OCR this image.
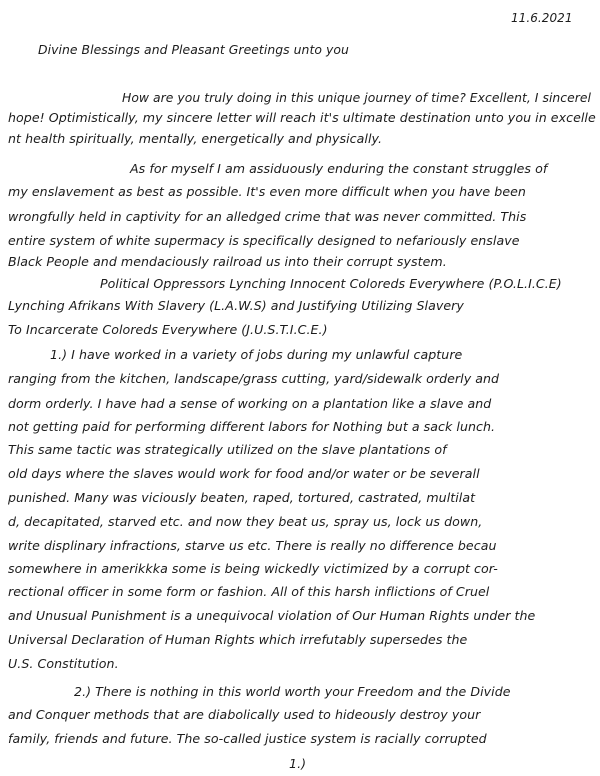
11.6.2021
Divine Blessings and Pleasant Greetings unto you
How are you truly doing in this unique journey of time? Excellent, I sincerel
hope! Optimistically, my sincere letter will reach it's ultimate destination unto you in excelle
nt health spiritually, mentally, energetically and physically.
As for myself I am assiduously enduring the constant struggles of
my enslavement as best as possible. It's even more difficult when you have been
wrongfully held in captivity for an alledged crime that was never committed. This
entire system of white supermacy is specifically designed to nefariously enslave
Black People and mendaciously railroad us into their corrupt system.
Political Oppressors Lynching Innocent Coloreds Everywhere (P.O.L.I.C.E)
Lynching Afrikans With Slavery (L.A.W.S) and Justifying Utilizing Slavery
To Incarcerate Coloreds Everywhere (J.U.S.T.I.C.E.)
1.) I have worked in a variety of jobs during my unlawful capture
ranging from the kitchen, landscape/grass cutting, yard/sidewalk orderly and
dorm orderly. I have had a sense of working on a plantation like a slave and
not getting paid for performing different labors for Nothing but a sack lunch.
This same tactic was strategically utilized on the slave plantations of
old days where the slaves would work for food and/or water or be severall
punished. Many was viciously beaten, raped, tortured, castrated, multilat
d, decapitated, starved etc. and now they beat us, spray us, lock us down,
write displinary infractions, starve us etc. There is really no difference becau
somewhere in amerikkka some is being wickedly victimized by a corrupt cor-
rectional officer in some form or fashion. All of this harsh inflictions of Cruel
and Unusual Punishment is a unequivocal violation of Our Human Rights under the
Universal Declaration of Human Rights which irrefutably supersedes the
U.S. Constitution.
2.) There is nothing in this world worth your Freedom and the Divide
and Conquer methods that are diabolically used to hideously destroy your
family, friends and future. The so-called justice system is racially corrupted
1.)
